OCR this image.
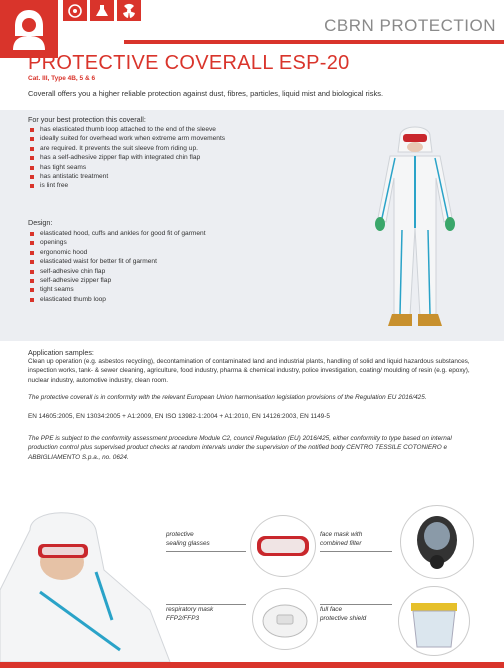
CBRN PROTECTION
PROTECTIVE COVERALL ESP-20
Cat. III, Type 4B, 5 & 6
Coverall offers you a higher reliable protection against dust, fibres, particles, liquid mist and biological risks.
For your best protection this coverall:
has elasticated thumb loop attached to the end of the sleeve
ideally suited for overhead work when extreme arm movements
are required. It prevents the suit sleeve from riding up.
has a self-adhesive zipper flap with integrated chin flap
has tight seams
has antistatic treatment
is lint free
Design:
elasticated hood, cuffs and ankles for good fit of garment
openings
ergonomic hood
elasticated waist for better fit of garment
self-adhesive chin flap
self-adhesive zipper flap
tight seams
elasticated thumb loop
Application samples:
Clean up operation (e.g. asbestos recycling), decontamination of contaminated land and industrial plants, handling of solid and liquid hazardous substances, inspection works, tank- & sewer cleaning, agriculture, food industry, pharma & chemical industry, police investigation, coating/ moulding of resin (e.g. epoxy), nuclear industry, automotive industry, clean room.
The protective coverall is in conformity with the relevant European Union harmonisation legislation provisions of the Regulation EU 2016/425.
EN 14605:2005, EN 13034:2005 + A1:2009, EN ISO 13982-1:2004 + A1:2010, EN 14126:2003, EN 1149-5
The PPE is subject to the conformity assessment procedure Module C2, council Regulation (EU) 2016/425, either conformity to type based on internal production control plus supervised product checks at random intervals under the supervision of the notified body CENTRO TESSILE COTONIERO e ABBIGLIAMENTO S.p.a., no. 0624.
protective
sealing glasses
face mask with
combined filter
respiratory mask
FFP2/FFP3
full face
protective shield
